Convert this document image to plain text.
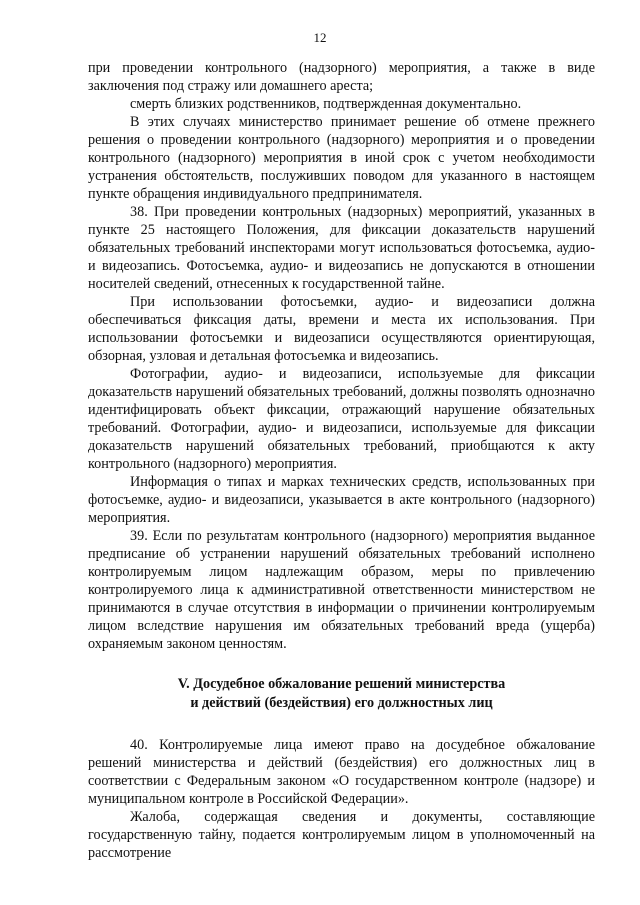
12

при проведении контрольного (надзорного) мероприятия, а также в виде заключения под стражу или домашнего ареста;

смерть близких родственников, подтвержденная документально.

В этих случаях министерство принимает решение об отмене прежнего решения о проведении контрольного (надзорного) мероприятия и о проведении контрольного (надзорного) мероприятия в иной срок с учетом необходимости устранения обстоятельств, послуживших поводом для указанного в настоящем пункте обращения индивидуального предпринимателя.

38. При проведении контрольных (надзорных) мероприятий, указанных в пункте 25 настоящего Положения, для фиксации доказательств нарушений обязательных требований инспекторами могут использоваться фотосъемка, аудио- и видеозапись. Фотосъемка, аудио- и видеозапись не допускаются в отношении носителей сведений, отнесенных к государственной тайне.

При использовании фотосъемки, аудио- и видеозаписи должна обеспечиваться фиксация даты, времени и места их использования. При использовании фотосъемки и видеозаписи осуществляются ориентирующая, обзорная, узловая и детальная фотосъемка и видеозапись.

Фотографии, аудио- и видеозаписи, используемые для фиксации доказательств нарушений обязательных требований, должны позволять однозначно идентифицировать объект фиксации, отражающий нарушение обязательных требований. Фотографии, аудио- и видеозаписи, используемые для фиксации доказательств нарушений обязательных требований, приобщаются к акту контрольного (надзорного) мероприятия.

Информация о типах и марках технических средств, использованных при фотосъемке, аудио- и видеозаписи, указывается в акте контрольного (надзорного) мероприятия.

39. Если по результатам контрольного (надзорного) мероприятия выданное предписание об устранении нарушений обязательных требований исполнено контролируемым лицом надлежащим образом, меры по привлечению контролируемого лица к административной ответственности министерством не принимаются в случае отсутствия в информации о причинении контролируемым лицом вследствие нарушения им обязательных требований вреда (ущерба) охраняемым законом ценностям.

V. Досудебное обжалование решений министерства
и действий (бездействия) его должностных лиц

40. Контролируемые лица имеют право на досудебное обжалование решений министерства и действий (бездействия) его должностных лиц в соответствии с Федеральным законом «О государственном контроле (надзоре) и муниципальном контроле в Российской Федерации».

Жалоба, содержащая сведения и документы, составляющие государственную тайну, подается контролируемым лицом в уполномоченный на рассмотрение
